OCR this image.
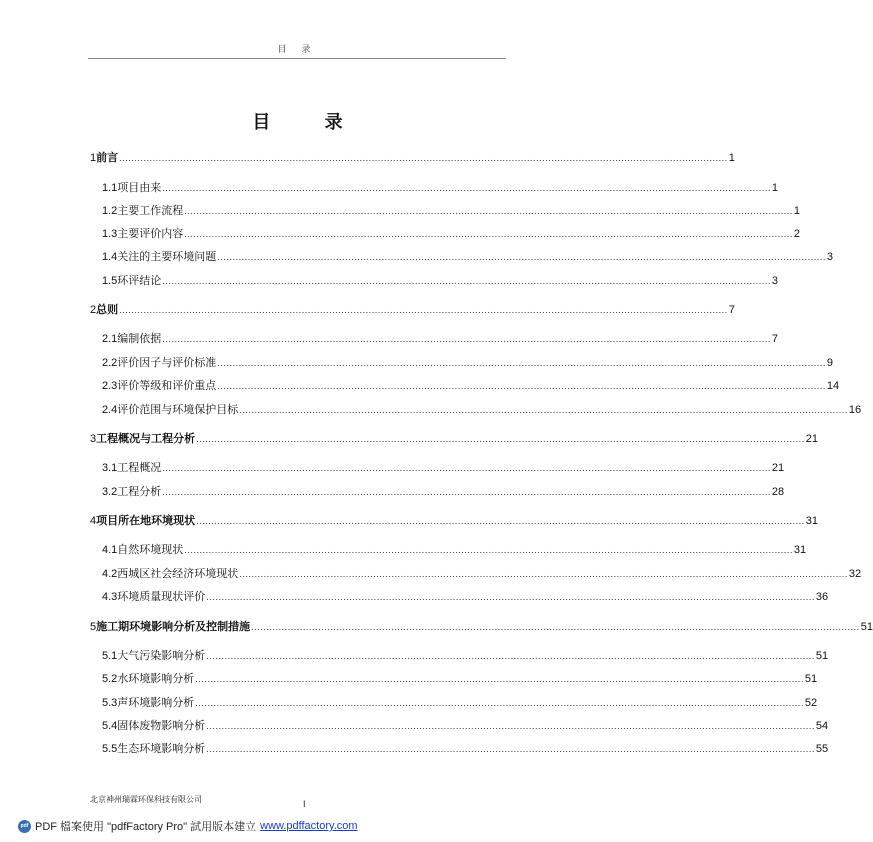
目 录
目 录
1 前言 ........................................................................................................................................................................................................ 1
1.1 项目由来 ........................................................................................................................................................................................................ 1
1.2 主要工作流程 ........................................................................................................................................................................................................ 1
1.3 主要评价内容 ........................................................................................................................................................................................................ 2
1.4 关注的主要环境问题 ........................................................................................................................................................................................................ 3
1.5 环评结论 ........................................................................................................................................................................................................ 3
2 总则 ........................................................................................................................................................................................................ 7
2.1 编制依据 ........................................................................................................................................................................................................ 7
2.2 评价因子与评价标准 ........................................................................................................................................................................................................ 9
2.3 评价等级和评价重点 ........................................................................................................................................................................................................ 14
2.4 评价范围与环境保护目标 ........................................................................................................................................................................................................ 16
3 工程概况与工程分析 ........................................................................................................................................................................................................ 21
3.1 工程概况 ........................................................................................................................................................................................................ 21
3.2 工程分析 ........................................................................................................................................................................................................ 28
4 项目所在地环境现状 ........................................................................................................................................................................................................ 31
4.1 自然环境现状 ........................................................................................................................................................................................................ 31
4.2 西城区社会经济环境现状 ........................................................................................................................................................................................................ 32
4.3 环境质量现状评价 ........................................................................................................................................................................................................ 36
5 施工期环境影响分析及控制措施 ........................................................................................................................................................................................................ 51
5.1 大气污染影响分析 ........................................................................................................................................................................................................ 51
5.2 水环境影响分析 ........................................................................................................................................................................................................ 51
5.3 声环境影响分析 ........................................................................................................................................................................................................ 52
5.4 固体废物影响分析 ........................................................................................................................................................................................................ 54
5.5 生态环境影响分析 ........................................................................................................................................................................................................ 55
北京神州瑞霖环保科技有限公司	I
pdf PDF 檔案使用 "pdfFactory Pro" 試用版本建立 www.pdffactory.com
